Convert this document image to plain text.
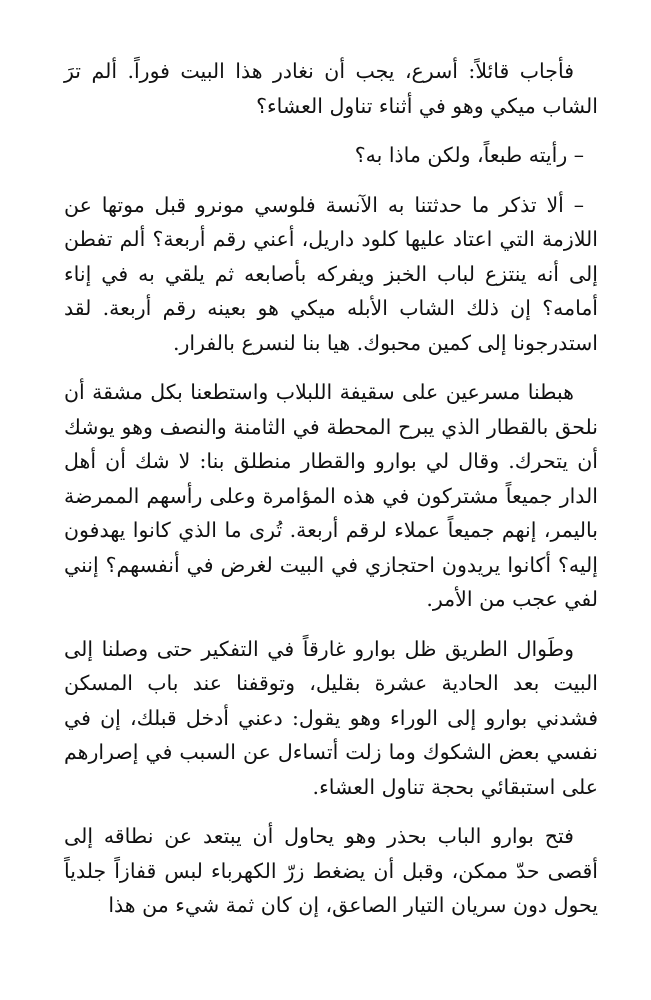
فأجاب قائلاً: أسرع، يجب أن نغادر هذا البيت فوراً. ألم ترَ الشاب ميكي وهو في أثناء تناول العشاء؟

– رأيته طبعاً، ولكن ماذا به؟

– ألا تذكر ما حدثتنا به الآنسة فلوسي مونرو قبل موتها عن اللازمة التي اعتاد عليها كلود داريل، أعني رقم أربعة؟ ألم تفطن إلى أنه ينتزع لباب الخبز ويفركه بأصابعه ثم يلقي به في إناء أمامه؟ إن ذلك الشاب الأبله ميكي هو بعينه رقم أربعة. لقد استدرجونا إلى كمين محبوك. هيا بنا لنسرع بالفرار.

هبطنا مسرعين على سقيفة اللبلاب واستطعنا بكل مشقة أن نلحق بالقطار الذي يبرح المحطة في الثامنة والنصف وهو يوشك أن يتحرك. وقال لي بوارو والقطار منطلق بنا: لا شك أن أهل الدار جميعاً مشتركون في هذه المؤامرة وعلى رأسهم الممرضة باليمر، إنهم جميعاً عملاء لرقم أربعة. تُرى ما الذي كانوا يهدفون إليه؟ أكانوا يريدون احتجازي في البيت لغرض في أنفسهم؟ إنني لفي عجب من الأمر.

وطَوال الطريق ظل بوارو غارقاً في التفكير حتى وصلنا إلى البيت بعد الحادية عشرة بقليل، وتوقفنا عند باب المسكن فشدني بوارو إلى الوراء وهو يقول: دعني أدخل قبلك، إن في نفسي بعض الشكوك وما زلت أتساءل عن السبب في إصرارهم على استبقائي بحجة تناول العشاء.

فتح بوارو الباب بحذر وهو يحاول أن يبتعد عن نطاقه إلى أقصى حدّ ممكن، وقبل أن يضغط زرّ الكهرباء لبس قفازاً جلدياً يحول دون سريان التيار الصاعق، إن كان ثمة شيء من هذا
